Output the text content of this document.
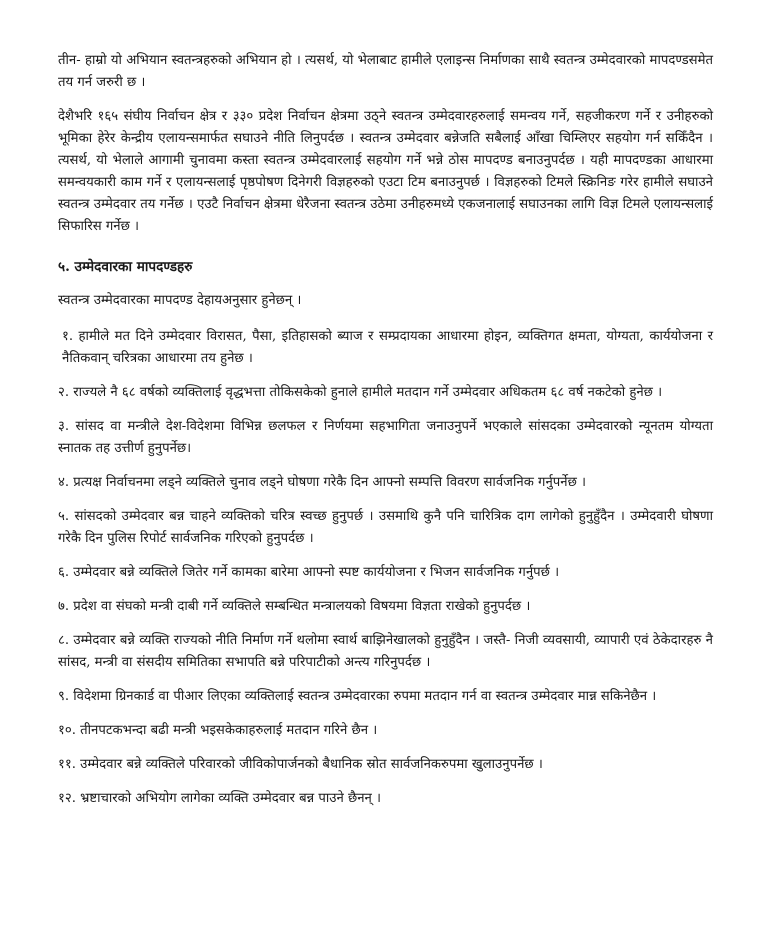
तीन- हाम्रो यो अभियान स्वतन्त्रहरुको अभियान हो । त्यसर्थ, यो भेलाबाट हामीले एलाइन्स निर्माणका साथै स्वतन्त्र उम्मेदवारको मापदण्डसमेत तय गर्न जरुरी छ ।

देशैभरि १६५ संघीय निर्वाचन क्षेत्र र ३३० प्रदेश निर्वाचन क्षेत्रमा उठ्ने स्वतन्त्र उम्मेदवारहरुलाई समन्वय गर्ने, सहजीकरण गर्ने र उनीहरुको भूमिका हेरेर केन्द्रीय एलायन्समार्फत सघाउने नीति लिनुपर्दछ । स्वतन्त्र उम्मेदवार बन्नेजति सबैलाई आँखा चिम्लिएर सहयोग गर्न सकिँदैन । त्यसर्थ, यो भेलाले आगामी चुनावमा कस्ता स्वतन्त्र उम्मेदवारलाई सहयोग गर्ने भन्ने ठोस मापदण्ड बनाउनुपर्दछ । यही मापदण्डका आधारमा समन्वयकारी काम गर्ने र एलायन्सलाई पृष्ठपोषण दिनेगरी विज्ञहरुको एउटा टिम बनाउनुपर्छ । विज्ञहरुको टिमले स्क्रिनिङ गरेर हामीले सघाउने स्वतन्त्र उम्मेदवार तय गर्नेछ । एउटै निर्वाचन क्षेत्रमा धेरैजना स्वतन्त्र उठेमा उनीहरुमध्ये एकजनालाई सघाउनका लागि विज्ञ टिमले एलायन्सलाई सिफारिस गर्नेछ ।

५. उम्मेदवारका मापदण्डहरु

स्वतन्त्र उम्मेदवारका मापदण्ड देहायअनुसार हुनेछन् ।

१. हामीले मत दिने उम्मेदवार विरासत, पैसा, इतिहासको ब्याज र सम्प्रदायका आधारमा होइन, व्यक्तिगत क्षमता, योग्यता, कार्ययोजना र नैतिकवान् चरित्रका आधारमा तय हुनेछ ।

२. राज्यले नै ६८ वर्षको व्यक्तिलाई वृद्धभत्ता तोकिसकेको हुनाले हामीले मतदान गर्ने उम्मेदवार अधिकतम ६८ वर्ष नकटेको हुनेछ ।

३. सांसद वा मन्त्रीले देश-विदेशमा विभिन्न छलफल र निर्णयमा सहभागिता जनाउनुपर्ने भएकाले सांसदका उम्मेदवारको न्यूनतम योग्यता स्नातक तह उत्तीर्ण हुनुपर्नेछ।

४. प्रत्यक्ष निर्वाचनमा लड्ने व्यक्तिले चुनाव लड्ने घोषणा गरेकै दिन आफ्नो सम्पत्ति विवरण सार्वजनिक गर्नुपर्नेछ ।

५. सांसदको उम्मेदवार बन्न चाहने व्यक्तिको चरित्र स्वच्छ हुनुपर्छ । उसमाथि कुनै पनि चारित्रिक दाग लागेको हुनुहुँदैन । उम्मेदवारी घोषणा गरेकै दिन पुलिस रिपोर्ट सार्वजनिक गरिएको हुनुपर्दछ ।

६. उम्मेदवार बन्ने व्यक्तिले जितेर गर्ने कामका बारेमा आफ्नो स्पष्ट कार्ययोजना र भिजन सार्वजनिक गर्नुपर्छ ।

७. प्रदेश वा संघको मन्त्री दाबी गर्ने व्यक्तिले सम्बन्धित मन्त्रालयको विषयमा विज्ञता राखेको हुनुपर्दछ ।

८. उम्मेदवार बन्ने व्यक्ति राज्यको नीति निर्माण गर्ने थलोमा स्वार्थ बाझिनेखालको हुनुहुँदैन । जस्तै- निजी व्यवसायी, व्यापारी एवं ठेकेदारहरु नै सांसद, मन्त्री वा संसदीय समितिका सभापति बन्ने परिपाटीको अन्त्य गरिनुपर्दछ ।

९. विदेशमा ग्रिनकार्ड वा पीआर लिएका व्यक्तिलाई स्वतन्त्र उम्मेदवारका रुपमा मतदान गर्न वा स्वतन्त्र उम्मेदवार मान्न सकिनेछैन ।

१०. तीनपटकभन्दा बढी मन्त्री भइसकेकाहरुलाई मतदान गरिने छैन ।

११. उम्मेदवार बन्ने व्यक्तिले परिवारको जीविकोपार्जनको बैधानिक स्रोत सार्वजनिकरुपमा खुलाउनुपर्नेछ ।

१२. भ्रष्टाचारको अभियोग लागेका व्यक्ति उम्मेदवार बन्न पाउने छैनन् ।
